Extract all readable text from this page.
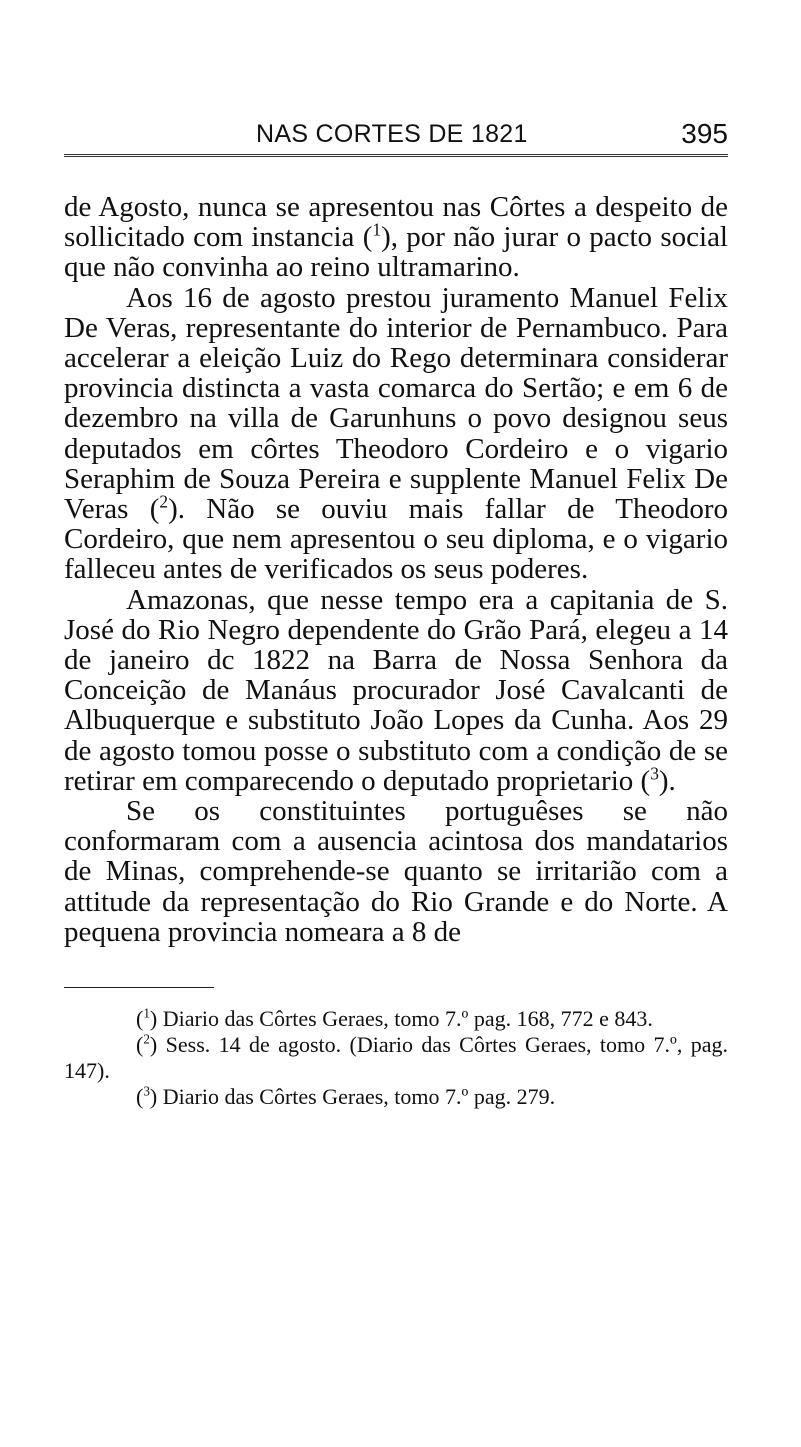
NAS CORTES DE 1821	395

de Agosto, nunca se apresentou nas Côrtes a despeito de sollicitado com instancia ($^1$), por não jurar o pacto social que não convinha ao reino ultramarino.

Aos 16 de agosto prestou juramento Manuel Felix De Veras, representante do interior de Pernambuco. Para accelerar a eleição Luiz do Rego determinara considerar provincia distincta a vasta comarca do Sertão; e em 6 de dezembro na villa de Garunhuns o povo designou seus deputados em côrtes Theodoro Cordeiro e o vigario Seraphim de Souza Pereira e supplente Manuel Felix De Veras ($^2$). Não se ouviu mais fallar de Theodoro Cordeiro, que nem apresentou o seu diploma, e o vigario falleceu antes de verificados os seus poderes.

Amazonas, que nesse tempo era a capitania de S. José do Rio Negro dependente do Grão Pará, elegeu a 14 de janeiro dc 1822 na Barra de Nossa Senhora da Conceição de Manáus procurador José Cavalcanti de Albuquerque e substituto João Lopes da Cunha. Aos 29 de agosto tomou posse o substituto com a condição de se retirar em comparecendo o deputado proprietario ($^3$).

Se os constituintes portuguêses se não conformaram com a ausencia acintosa dos mandatarios de Minas, comprehende-se quanto se irritarião com a attitude da representação do Rio Grande e do Norte. A pequena provincia nomeara a 8 de

($^1$) Diario das Côrtes Geraes, tomo 7.º pag. 168, 772 e 843.

($^2$) Sess. 14 de agosto. (Diario das Côrtes Geraes, tomo 7.º, pag. 147).

($^3$) Diario das Côrtes Geraes, tomo 7.º pag. 279.
